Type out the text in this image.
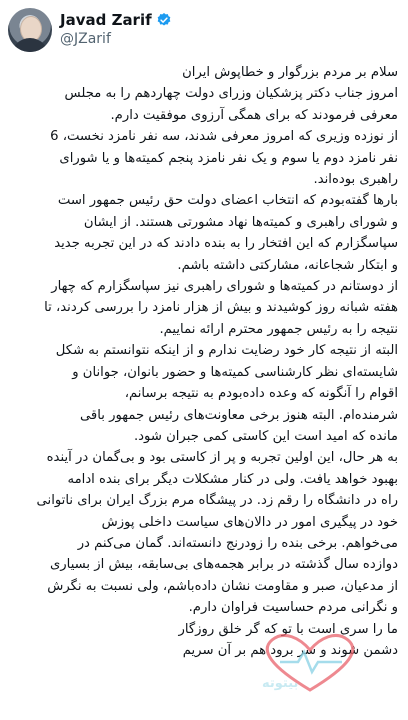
Javad Zarif
@JZarif

سلام بر مردم بزرگوار و خطاپوش ایران
امروز جناب دکتر پزشکیان وزرای دولت چهاردهم را به مجلس
معرفی فرمودند که برای همگی آرزوی موفقیت دارم.
از نوزده وزیری که امروز معرفی شدند، سه نفر نامزد نخست، 6
نفر نامزد دوم یا سوم و یک نفر نامزد پنجم کمیته‌ها و یا شورای
راهبری بوده‌اند.
بارها گفته‌بودم که انتخاب اعضای دولت حق رئیس جمهور است
و شورای راهبری و کمیته‌ها نهاد مشورتی هستند. از ایشان
سپاسگزارم که این افتخار را به بنده دادند که در این تجربه جدید
و ابتکار شجاعانه، مشارکتی داشته باشم.
از دوستانم در کمیته‌ها و شورای راهبری نیز سپاسگزارم که چهار
هفته شبانه روز کوشیدند و بیش از هزار نامزد را بررسی کردند، تا
نتیجه را به رئیس جمهور محترم ارائه نماییم.
البته از نتیجه کار خود رضایت ندارم و از اینکه نتوانستم به شکل
شایسته‌ای نظر کارشناسی کمیته‌ها و حضور بانوان، جوانان و
اقوام را آنگونه که وعده داده‌بودم به نتیجه برسانم،
شرمنده‌ام. البته هنوز برخی معاونت‌های رئیس جمهور باقی
مانده که امید است این کاستی کمی جبران شود.
به هر حال، این اولین تجربه و پر از کاستی بود و بی‌گمان در آینده
بهبود خواهد یافت. ولی در کنار مشکلات دیگر برای بنده ادامه
راه در دانشگاه را رقم زد. در پیشگاه مرم بزرگ ایران برای ناتوانی
خود در پیگیری امور در دالان‌های سیاست داخلی پوزش
می‌خواهم. برخی بنده را زودرنج دانسته‌اند. گمان می‌کنم در
دوازده سال گذشته در برابر هجمه‌های بی‌سابقه، بیش از بسیاری
از مدعیان، صبر و مقاومت نشان داده‌باشم، ولی نسبت به نگرش
و نگرانی مردم حساسیت فراوان دارم.
ما را سری است با تو که گر خلق روزگار
دشمن شوند و سر برود هم بر آن سریم

بیتوته
